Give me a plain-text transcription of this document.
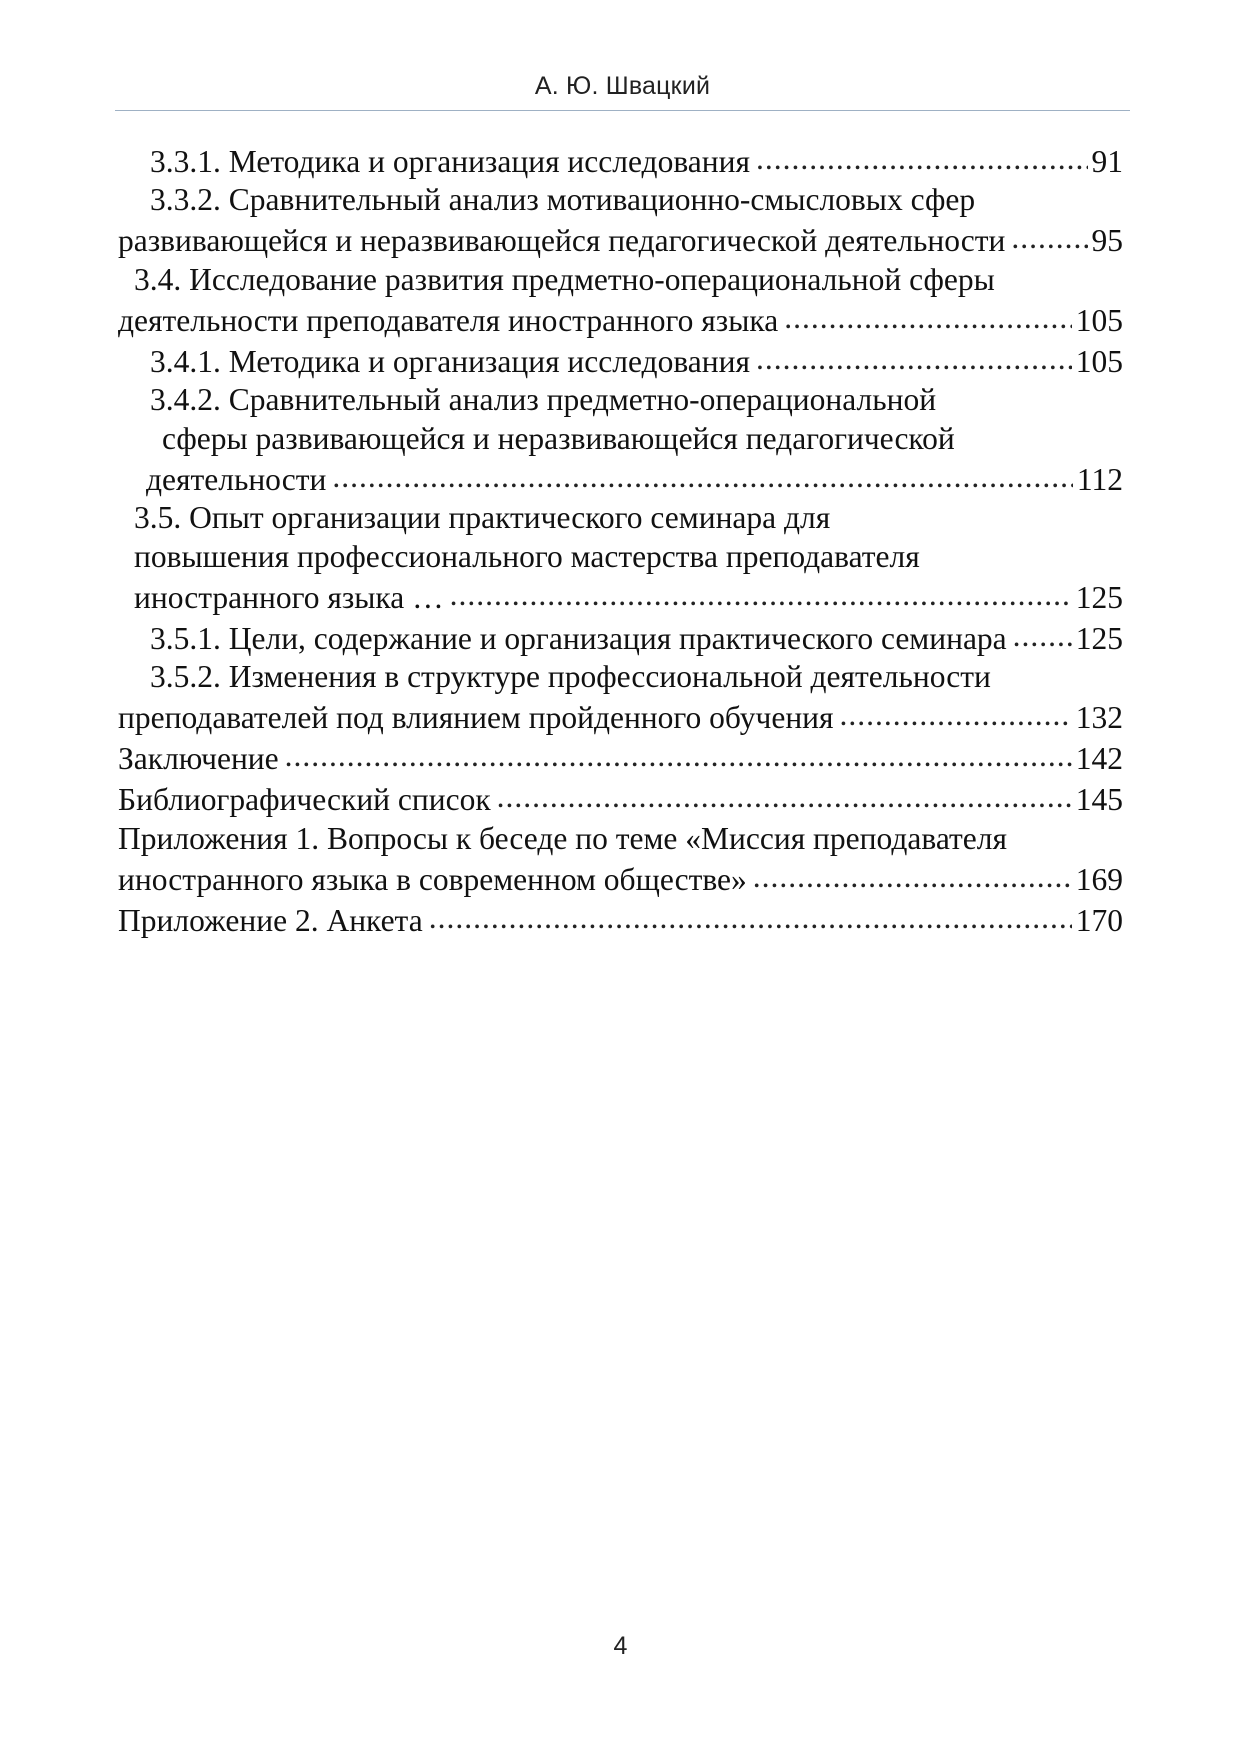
А. Ю. Швацкий
3.3.1. Методика и организация исследования .....	91
3.3.2. Сравнительный анализ мотивационно-смысловых сфер
развивающейся и неразвивающейся педагогической деятельности .....	95
3.4. Исследование развития предметно-операциональной сферы
деятельности преподавателя иностранного языка .....	105
3.4.1. Методика и организация исследования .....	105
3.4.2. Сравнительный анализ предметно-операциональной
сферы развивающейся и неразвивающейся педагогической
деятельности .....	112
3.5. Опыт организации практического семинара для
повышения профессионального мастерства преподавателя
иностранного языка … .....	125
3.5.1. Цели, содержание и организация практического семинара ..... 125
3.5.2. Изменения в структуре профессиональной деятельности
преподавателей под влиянием пройденного обучения .....	132
Заключение .....	142
Библиографический список .....	145
Приложения 1. Вопросы к беседе по теме «Миссия преподавателя
иностранного языка в современном обществе» .....	169
Приложение 2. Анкета .....	170
4
